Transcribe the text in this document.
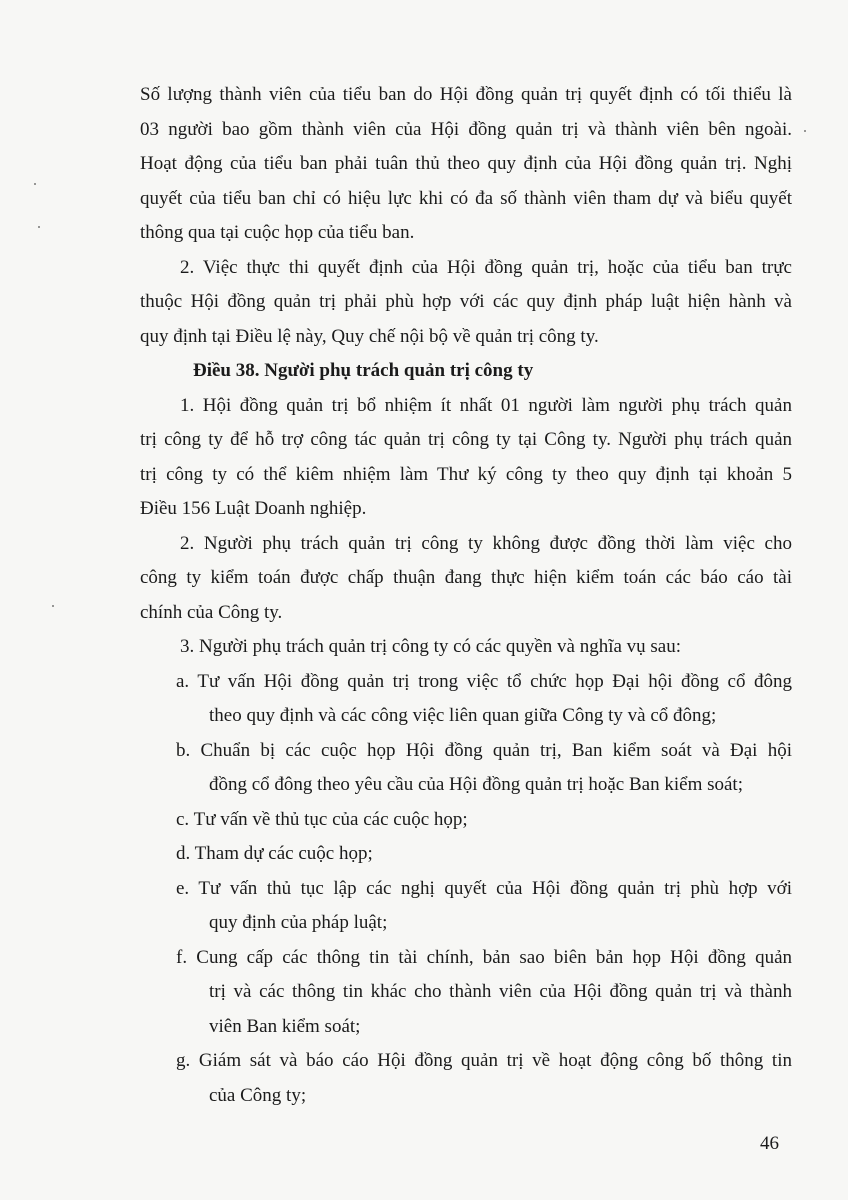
Số lượng thành viên của tiểu ban do Hội đồng quản trị quyết định có tối thiểu là
03 người bao gồm thành viên của Hội đồng quản trị và thành viên bên ngoài.
Hoạt động của tiểu ban phải tuân thủ theo quy định của Hội đồng quản trị. Nghị
quyết của tiểu ban chỉ có hiệu lực khi có đa số thành viên tham dự và biểu quyết
thông qua tại cuộc họp của tiểu ban.
2. Việc thực thi quyết định của Hội đồng quản trị, hoặc của tiểu ban trực
thuộc Hội đồng quản trị phải phù hợp với các quy định pháp luật hiện hành và
quy định tại Điều lệ này, Quy chế nội bộ về quản trị công ty.
Điều 38. Người phụ trách quản trị công ty
1. Hội đồng quản trị bổ nhiệm ít nhất 01 người làm người phụ trách quản
trị công ty để hỗ trợ công tác quản trị công ty tại Công ty. Người phụ trách quản
trị công ty có thể kiêm nhiệm làm Thư ký công ty theo quy định tại khoản 5
Điều 156 Luật Doanh nghiệp.
2. Người phụ trách quản trị công ty không được đồng thời làm việc cho
công ty kiểm toán được chấp thuận đang thực hiện kiểm toán các báo cáo tài
chính của Công ty.
3. Người phụ trách quản trị công ty có các quyền và nghĩa vụ sau:
a. Tư vấn Hội đồng quản trị trong việc tổ chức họp Đại hội đồng cổ đông
theo quy định và các công việc liên quan giữa Công ty và cổ đông;
b. Chuẩn bị các cuộc họp Hội đồng quản trị, Ban kiểm soát và Đại hội
đồng cổ đông theo yêu cầu của Hội đồng quản trị hoặc Ban kiểm soát;
c. Tư vấn về thủ tục của các cuộc họp;
d. Tham dự các cuộc họp;
e. Tư vấn thủ tục lập các nghị quyết của Hội đồng quản trị phù hợp với
quy định của pháp luật;
f. Cung cấp các thông tin tài chính, bản sao biên bản họp Hội đồng quản
trị và các thông tin khác cho thành viên của Hội đồng quản trị và thành
viên Ban kiểm soát;
g. Giám sát và báo cáo Hội đồng quản trị về hoạt động công bố thông tin
của Công ty;
46
